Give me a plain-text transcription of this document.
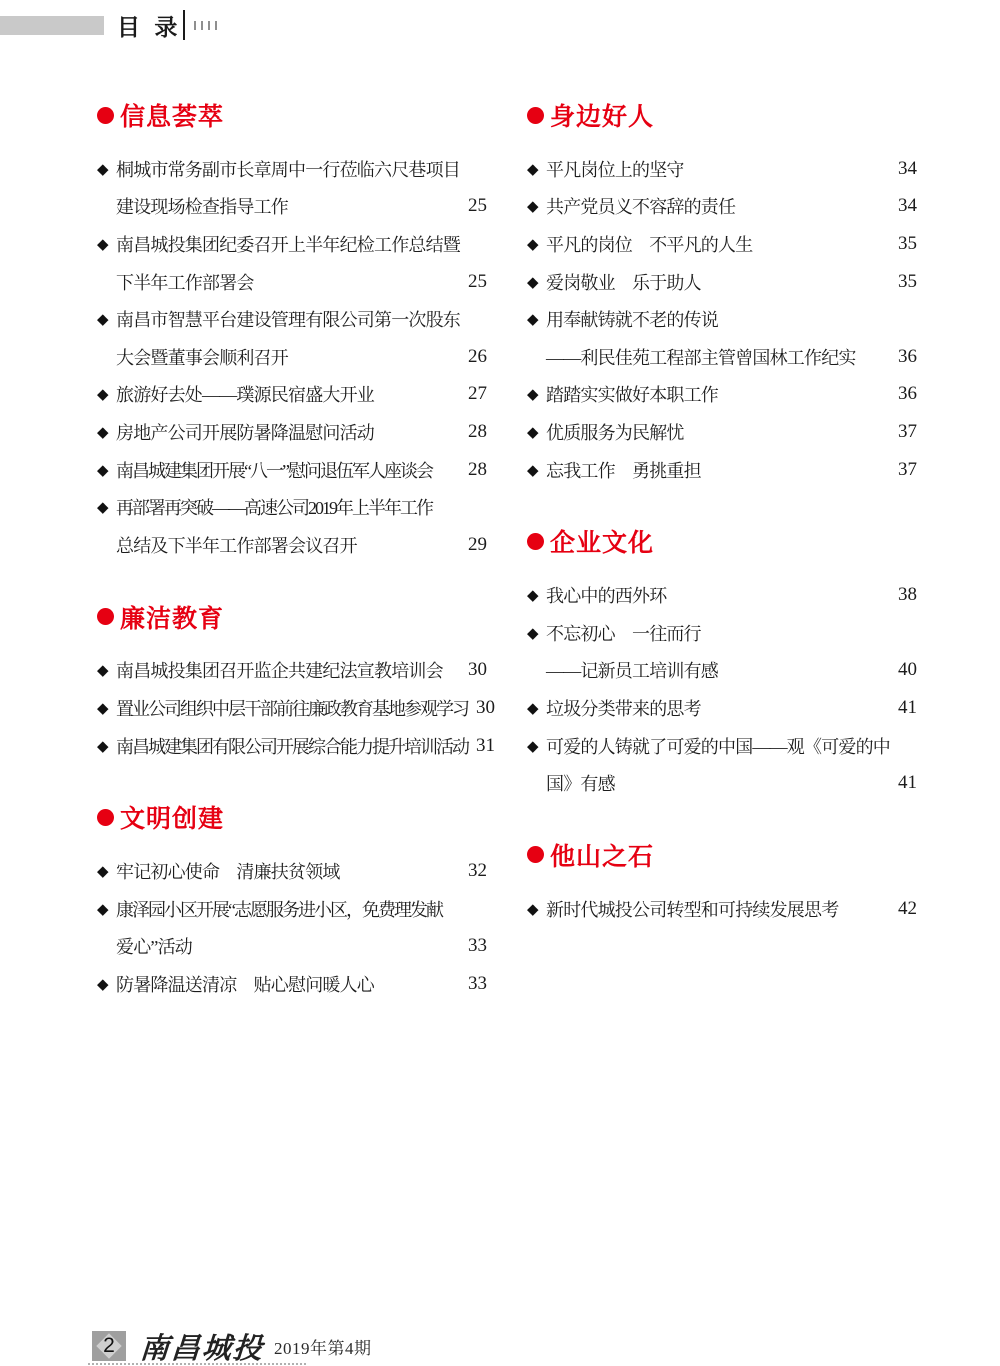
目 录
信息荟萃
◆ 桐城市常务副市长章周中一行莅临六尺巷项目
建设现场检查指导工作	25
◆ 南昌城投集团纪委召开上半年纪检工作总结暨
下半年工作部署会	25
◆ 南昌市智慧平台建设管理有限公司第一次股东
大会暨董事会顺利召开	26
◆ 旅游好去处——璞源民宿盛大开业	27
◆ 房地产公司开展防暑降温慰问活动	28
◆ 南昌城建集团开展“八一”慰问退伍军人座谈会	28
◆ 再部署再突破——高速公司2019年上半年工作
总结及下半年工作部署会议召开	29
廉洁教育
◆ 南昌城投集团召开监企共建纪法宣教培训会	30
◆ 置业公司组织中层干部前往廉政教育基地参观学习 30
◆ 南昌城建集团有限公司开展综合能力提升培训活动 31
文明创建
◆ 牢记初心使命　清廉扶贫领域	32
◆ 康泽园小区开展“志愿服务进小区，免费理发献
爱心”活动	33
◆ 防暑降温送清凉　贴心慰问暖人心	33
身边好人
◆ 平凡岗位上的坚守	34
◆ 共产党员义不容辞的责任	34
◆ 平凡的岗位　不平凡的人生	35
◆ 爱岗敬业　乐于助人	35
◆ 用奉献铸就不老的传说
——利民佳苑工程部主管曾国林工作纪实	36
◆ 踏踏实实做好本职工作	36
◆ 优质服务为民解忧	37
◆ 忘我工作　勇挑重担	37
企业文化
◆ 我心中的西外环	38
◆ 不忘初心　一往而行
——记新员工培训有感	40
◆ 垃圾分类带来的思考	41
◆ 可爱的人铸就了可爱的中国——观《可爱的中
国》有感	41
他山之石
◆ 新时代城投公司转型和可持续发展思考	42
2 南昌城投 2019年第4期
